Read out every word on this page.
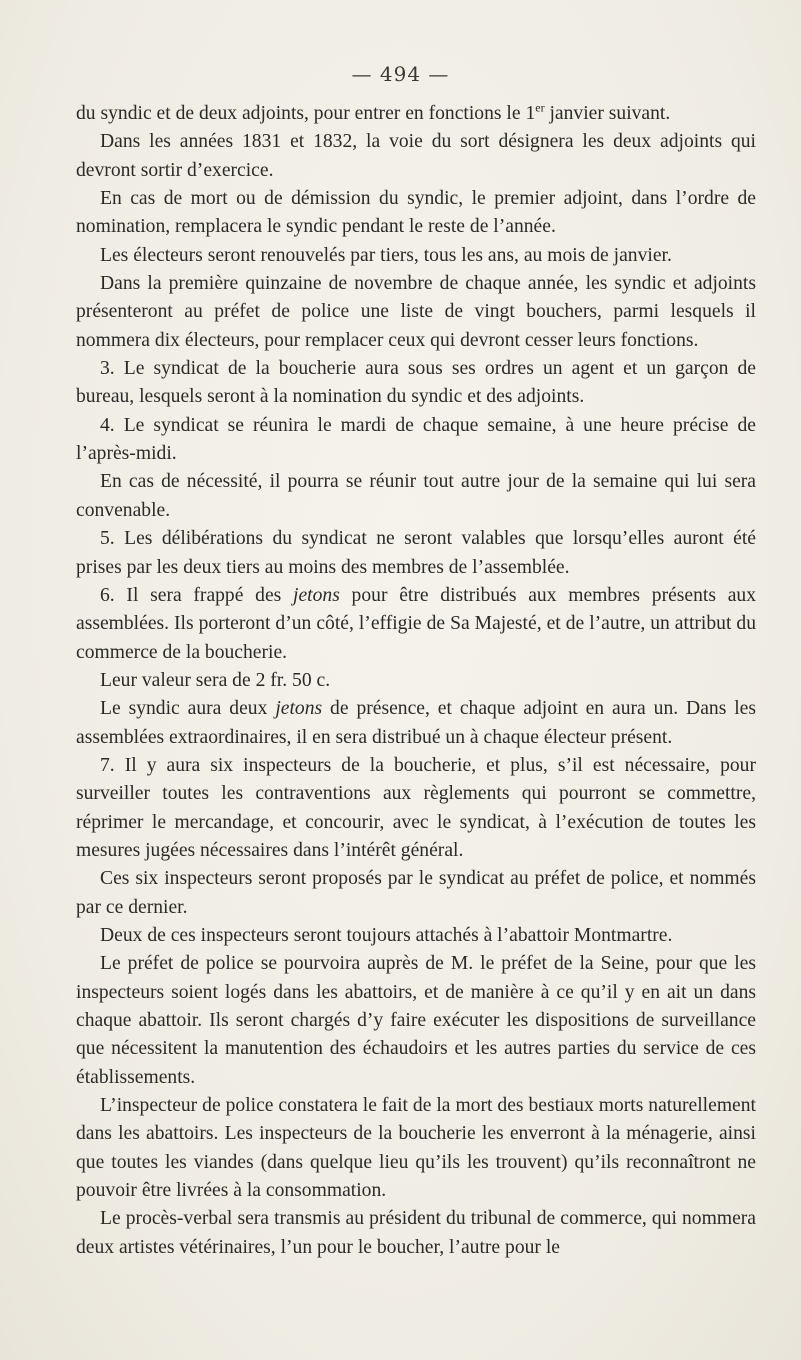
— 494 —

du syndic et de deux adjoints, pour entrer en fonctions le 1er janvier suivant.

Dans les années 1831 et 1832, la voie du sort désignera les deux adjoints qui devront sortir d’exercice.

En cas de mort ou de démission du syndic, le premier adjoint, dans l’ordre de nomination, remplacera le syndic pendant le reste de l’année.

Les électeurs seront renouvelés par tiers, tous les ans, au mois de janvier.

Dans la première quinzaine de novembre de chaque année, les syndic et adjoints présenteront au préfet de police une liste de vingt bouchers, parmi lesquels il nommera dix électeurs, pour remplacer ceux qui devront cesser leurs fonctions.

3. Le syndicat de la boucherie aura sous ses ordres un agent et un garçon de bureau, lesquels seront à la nomination du syndic et des adjoints.

4. Le syndicat se réunira le mardi de chaque semaine, à une heure précise de l’après-midi.

En cas de nécessité, il pourra se réunir tout autre jour de la semaine qui lui sera convenable.

5. Les délibérations du syndicat ne seront valables que lorsqu’elles auront été prises par les deux tiers au moins des membres de l’assemblée.

6. Il sera frappé des jetons pour être distribués aux membres présents aux assemblées. Ils porteront d’un côté, l’effigie de Sa Majesté, et de l’autre, un attribut du commerce de la boucherie.

Leur valeur sera de 2 fr. 50 c.

Le syndic aura deux jetons de présence, et chaque adjoint en aura un. Dans les assemblées extraordinaires, il en sera distribué un à chaque électeur présent.

7. Il y aura six inspecteurs de la boucherie, et plus, s’il est nécessaire, pour surveiller toutes les contraventions aux règlements qui pourront se commettre, réprimer le mercandage, et concourir, avec le syndicat, à l’exécution de toutes les mesures jugées nécessaires dans l’intérêt général.

Ces six inspecteurs seront proposés par le syndicat au préfet de police, et nommés par ce dernier.

Deux de ces inspecteurs seront toujours attachés à l’abattoir Montmartre.

Le préfet de police se pourvoira auprès de M. le préfet de la Seine, pour que les inspecteurs soient logés dans les abattoirs, et de manière à ce qu’il y en ait un dans chaque abattoir. Ils seront chargés d’y faire exécuter les dispositions de surveillance que nécessitent la manutention des échaudoirs et les autres parties du service de ces établissements.

L’inspecteur de police constatera le fait de la mort des bestiaux morts naturellement dans les abattoirs. Les inspecteurs de la boucherie les enverront à la ménagerie, ainsi que toutes les viandes (dans quelque lieu qu’ils les trouvent) qu’ils reconnaîtront ne pouvoir être livrées à la consommation.

Le procès-verbal sera transmis au président du tribunal de commerce, qui nommera deux artistes vétérinaires, l’un pour le boucher, l’autre pour le
